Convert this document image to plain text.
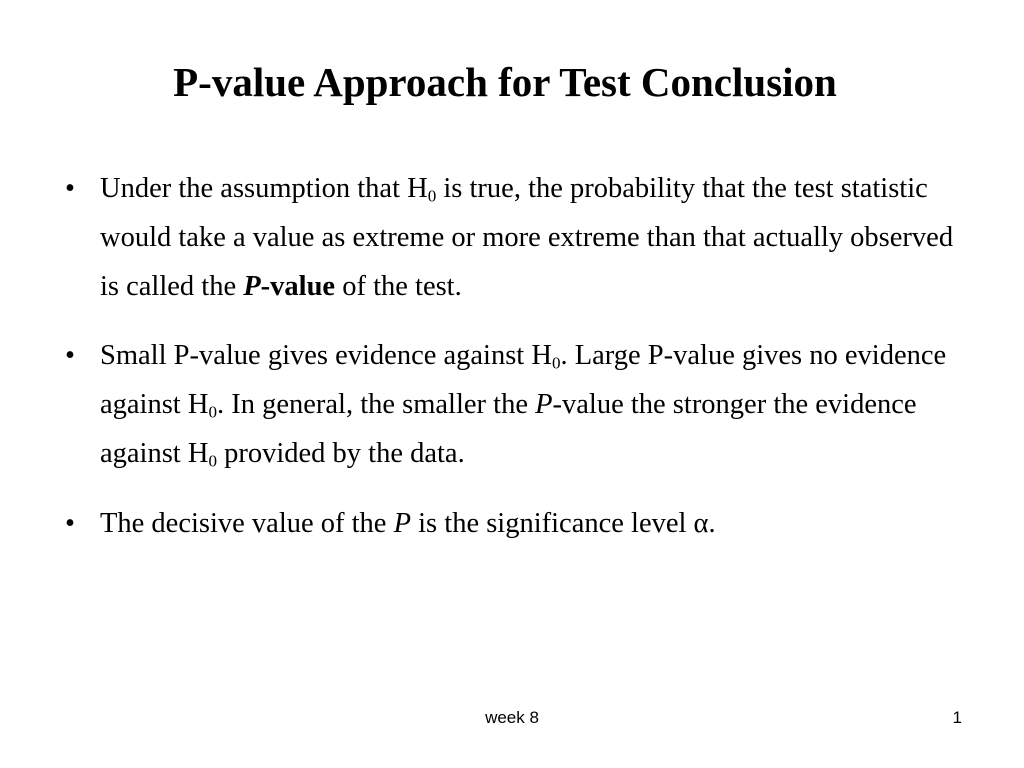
P-value Approach for Test Conclusion
• Under the assumption that $H_0$ is true, the probability that the test statistic would take a value as extreme or more extreme than that actually observed is called the P-value of the test.
• Small P-value gives evidence against $H_0$. Large P-value gives no evidence against $H_0$. In general, the smaller the P-value the stronger the evidence against $H_0$ provided by the data.
• The decisive value of the P is the significance level α.
week 8	1
